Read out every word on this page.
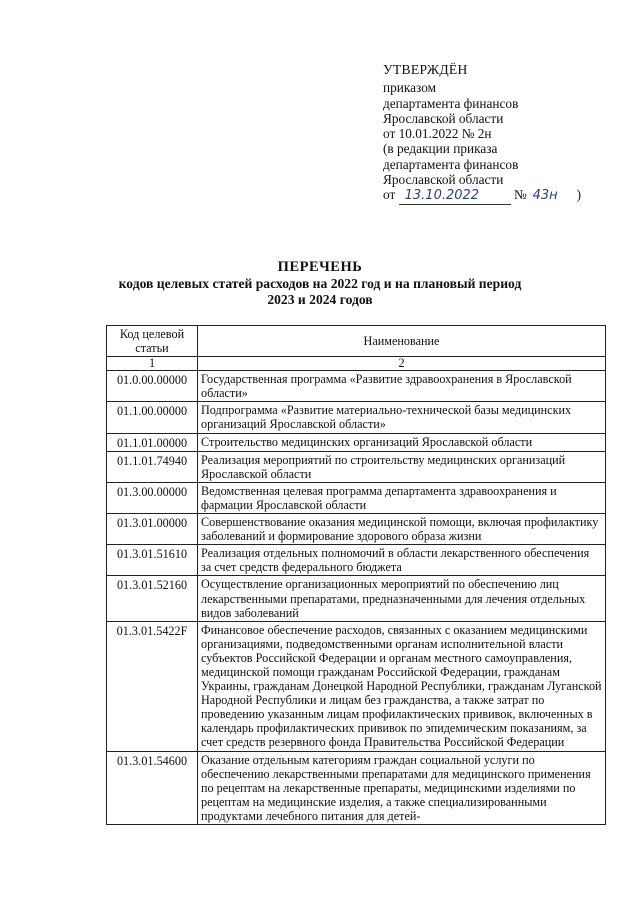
УТВЕРЖДЁН
приказом
департамента финансов
Ярославской области
от 10.01.2022 № 2н
(в редакции приказа
департамента финансов
Ярославской области
от 13.10.2022	№ 43н )
ПЕРЕЧЕНЬ
кодов целевых статей расходов на 2022 год и на плановый период
2023 и 2024 годов
Код целевой статьи	Наименование
1	2
01.0.00.00000	Государственная программа «Развитие здравоохранения в Ярославской области»
01.1.00.00000	Подпрограмма «Развитие материально-технической базы медицинских организаций Ярославской области»
01.1.01.00000	Строительство медицинских организаций Ярославской области
01.1.01.74940	Реализация мероприятий по строительству медицинских организаций Ярославской области
01.3.00.00000	Ведомственная целевая программа департамента здравоохранения и фармации Ярославской области
01.3.01.00000	Совершенствование оказания медицинской помощи, включая профилактику заболеваний и формирование здорового образа жизни
01.3.01.51610	Реализация отдельных полномочий в области лекарственного обеспечения за счет средств федерального бюджета
01.3.01.52160	Осуществление организационных мероприятий по обеспечению лиц лекарственными препаратами, предназначенными для лечения отдельных видов заболеваний
01.3.01.5422F	Финансовое обеспечение расходов, связанных с оказанием медицинскими организациями, подведомственными органам исполнительной власти субъектов Российской Федерации и органам местного самоуправления, медицинской помощи гражданам Российской Федерации, гражданам Украины, гражданам Донецкой Народной Республики, гражданам Луганской Народной Республики и лицам без гражданства, а также затрат по проведению указанным лицам профилактических прививок, включенных в календарь профилактических прививок по эпидемическим показаниям, за счет средств резервного фонда Правительства Российской Федерации
01.3.01.54600	Оказание отдельным категориям граждан социальной услуги по обеспечению лекарственными препаратами для медицинского применения по рецептам на лекарственные препараты, медицинскими изделиями по рецептам на медицинские изделия, а также специализированными продуктами лечебного питания для детей-
